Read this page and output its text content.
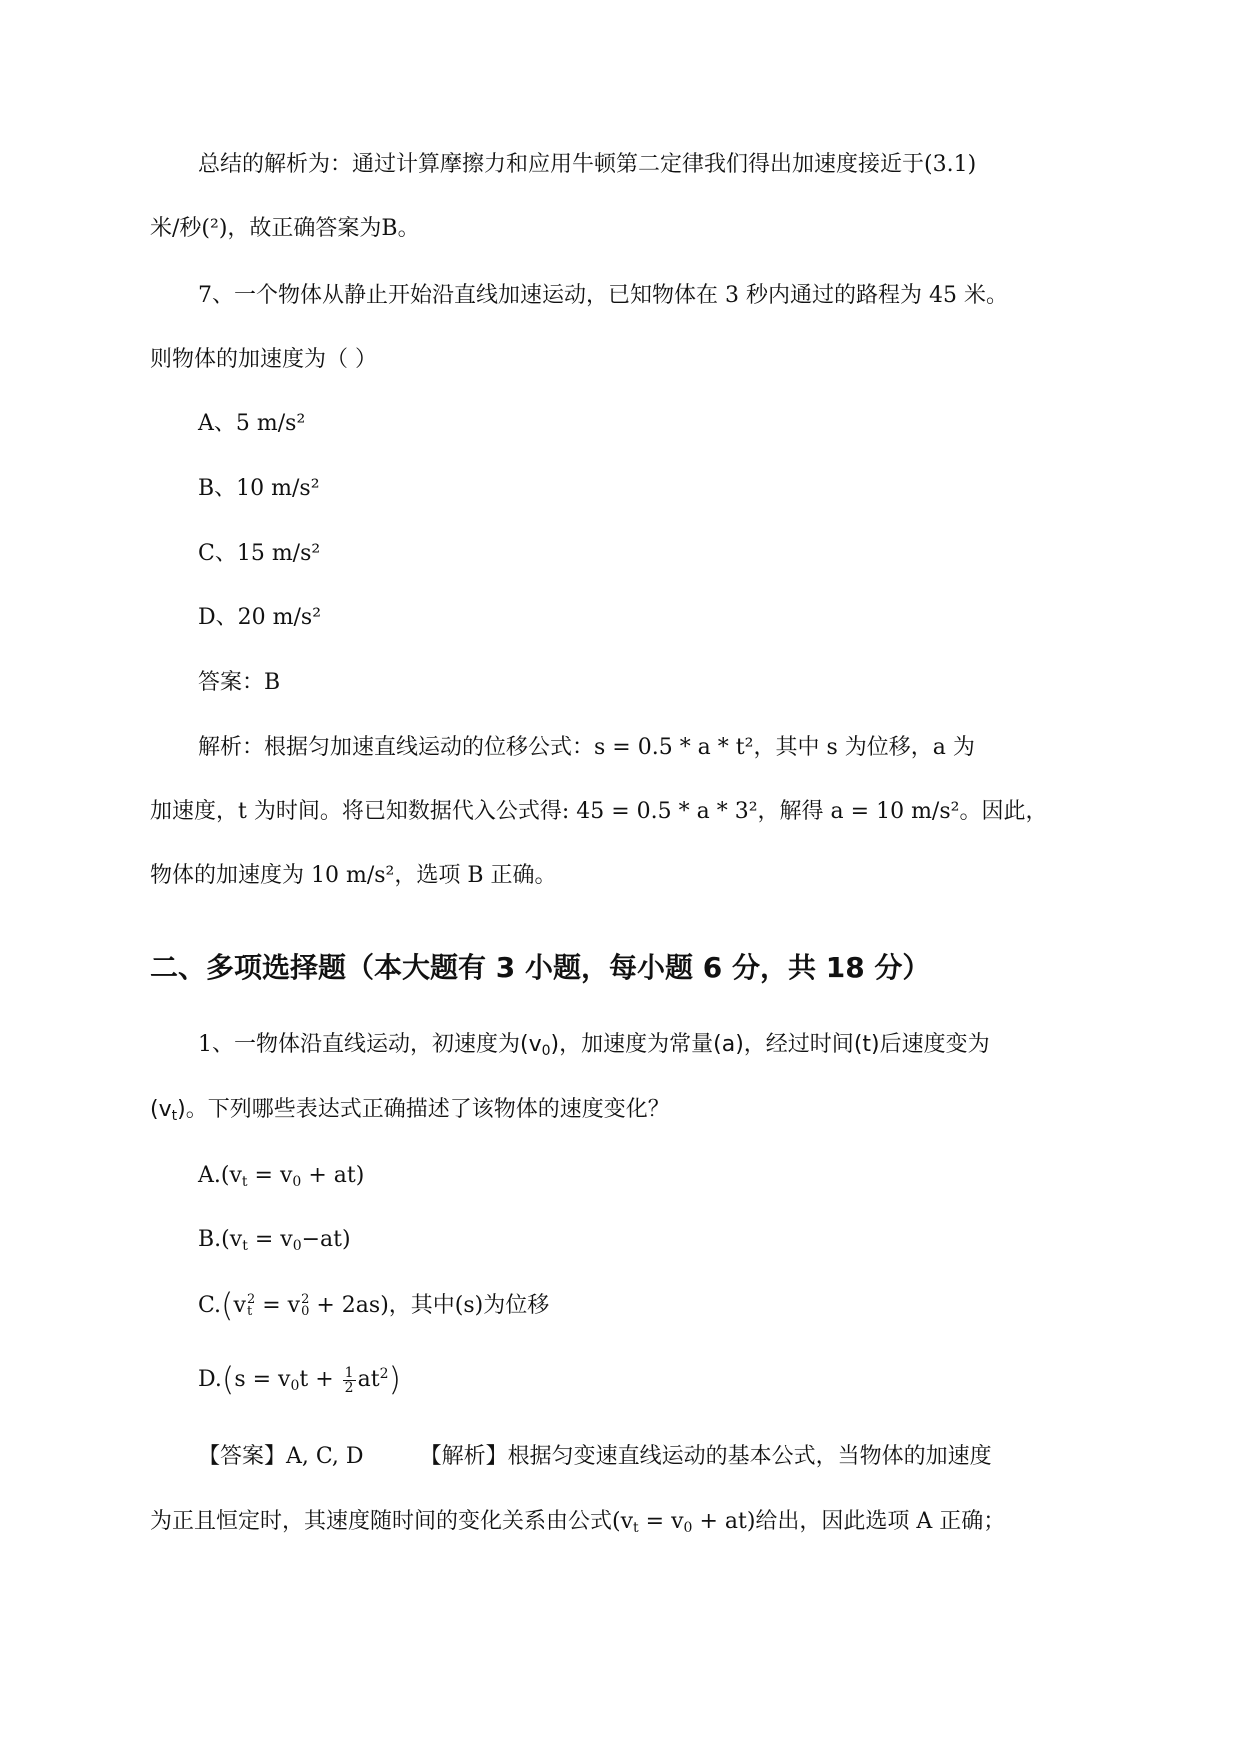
总结的解析为：通过计算摩擦力和应用牛顿第二定律我们得出加速度接近于(3.1)
米/秒(²)，故正确答案为B。
7、一个物体从静止开始沿直线加速运动，已知物体在 3 秒内通过的路程为 45 米。
则物体的加速度为（ ）
A、5 m/s²
B、10 m/s²
C、15 m/s²
D、20 m/s²
答案：B
解析：根据匀加速直线运动的位移公式：s = 0.5 * a * t²，其中 s 为位移，a 为
加速度，t 为时间。将已知数据代入公式得: 45 = 0.5 * a * 3²，解得 a = 10 m/s²。因此，
物体的加速度为 10 m/s²，选项 B 正确。
二、多项选择题（本大题有 3 小题，每小题 6 分，共 18 分）
1、一物体沿直线运动，初速度为$(v_0)$，加速度为常量(a)，经过时间(t)后速度变为
$(v_t)$。下列哪些表达式正确描述了该物体的速度变化？
$A.(v_t = v_0 + at)$
$B.(v_t = v_0-at)$
C.(v 2
t = v 2
0 + 2as)，其中(s)为位移
$D.(s = v_0t + \frac{1}{2} at^2)$
【答案】A, C, D	【解析】根据匀变速直线运动的基本公式，当物体的加速度
为正且恒定时，其速度随时间的变化关系由公式$(v_t = v_0 + at)$给出，因此选项 A 正确；
